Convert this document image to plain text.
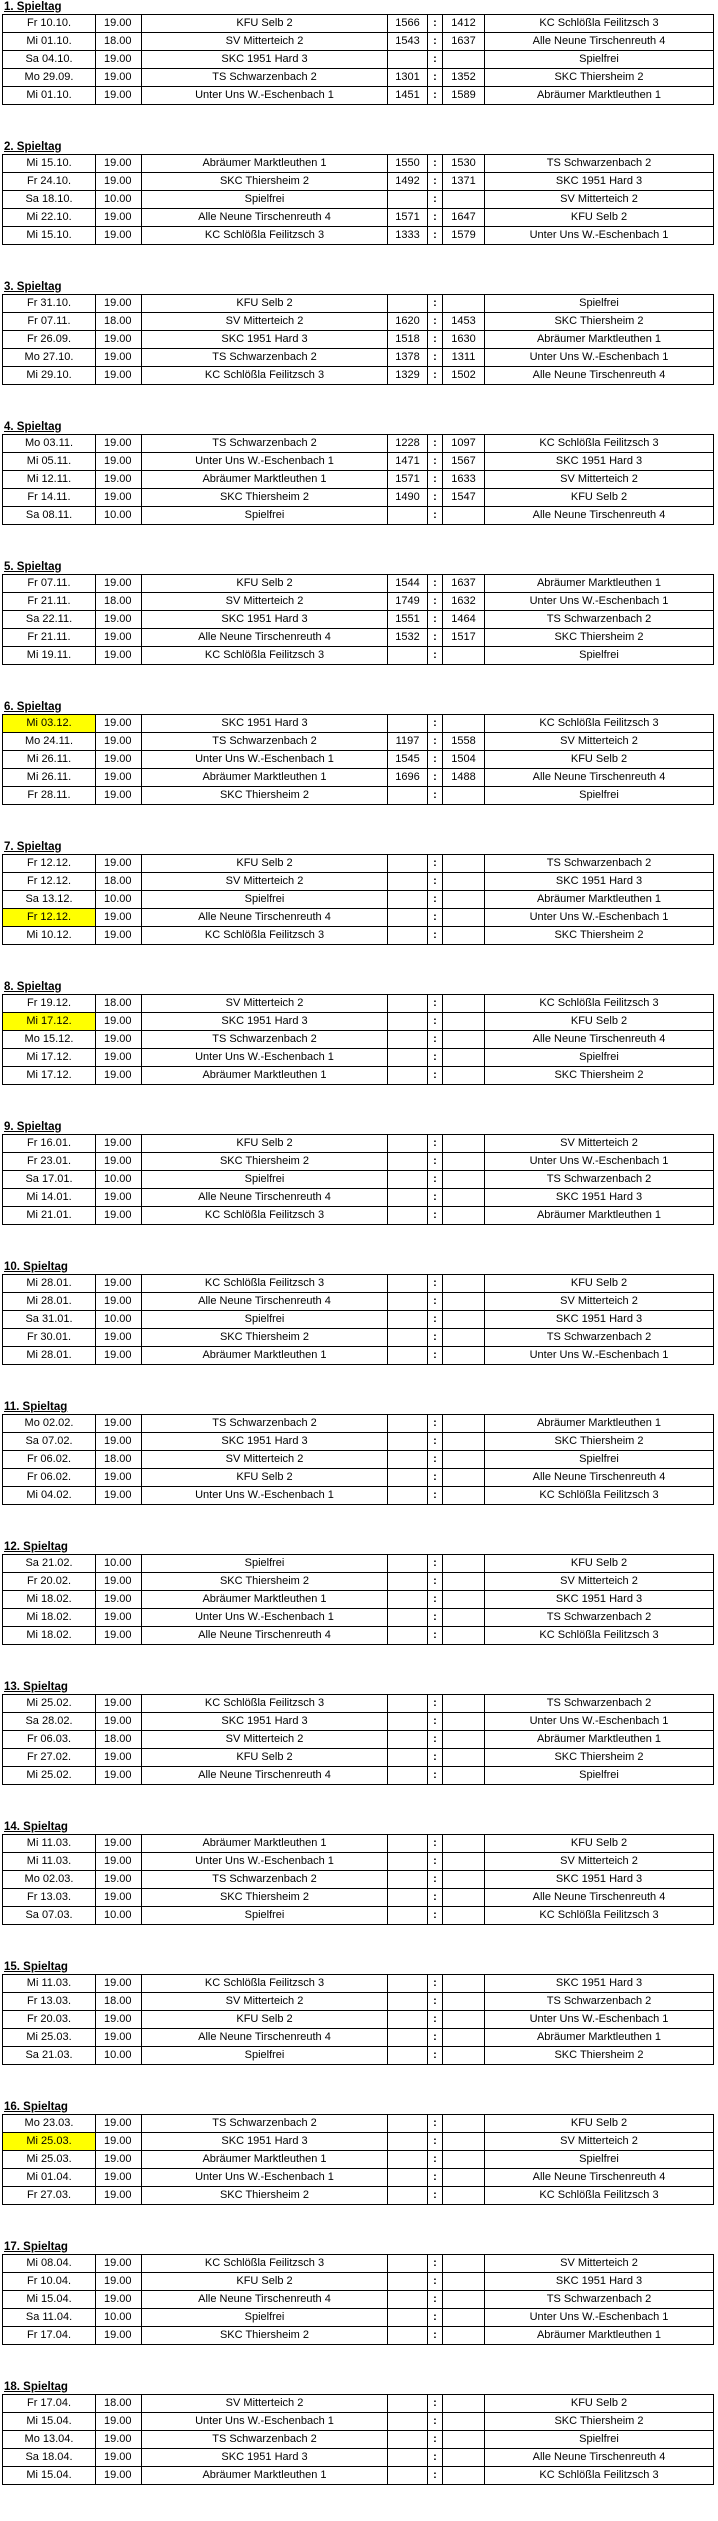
1. Spieltag
Fr 10.10.	19.00	KFU Selb 2	1566	:	1412	KC Schlößla Feilitzsch 3
Mi 01.10.	18.00	SV Mitterteich 2	1543	:	1637	Alle Neune Tirschenreuth 4
Sa 04.10.	19.00	SKC 1951 Hard 3		:		Spielfrei
Mo 29.09.	19.00	TS Schwarzenbach 2	1301	:	1352	SKC Thiersheim 2
Mi 01.10.	19.00	Unter Uns W.-Eschenbach 1	1451	:	1589	Abräumer Marktleuthen 1
2. Spieltag
Mi 15.10.	19.00	Abräumer Marktleuthen 1	1550	:	1530	TS Schwarzenbach 2
Fr 24.10.	19.00	SKC Thiersheim 2	1492	:	1371	SKC 1951 Hard 3
Sa 18.10.	10.00	Spielfrei		:		SV Mitterteich 2
Mi 22.10.	19.00	Alle Neune Tirschenreuth 4	1571	:	1647	KFU Selb 2
Mi 15.10.	19.00	KC Schlößla Feilitzsch 3	1333	:	1579	Unter Uns W.-Eschenbach 1
3. Spieltag
Fr 31.10.	19.00	KFU Selb 2		:		Spielfrei
Fr 07.11.	18.00	SV Mitterteich 2	1620	:	1453	SKC Thiersheim 2
Fr 26.09.	19.00	SKC 1951 Hard 3	1518	:	1630	Abräumer Marktleuthen 1
Mo 27.10.	19.00	TS Schwarzenbach 2	1378	:	1311	Unter Uns W.-Eschenbach 1
Mi 29.10.	19.00	KC Schlößla Feilitzsch 3	1329	:	1502	Alle Neune Tirschenreuth 4
4. Spieltag
Mo 03.11.	19.00	TS Schwarzenbach 2	1228	:	1097	KC Schlößla Feilitzsch 3
Mi 05.11.	19.00	Unter Uns W.-Eschenbach 1	1471	:	1567	SKC 1951 Hard 3
Mi 12.11.	19.00	Abräumer Marktleuthen 1	1571	:	1633	SV Mitterteich 2
Fr 14.11.	19.00	SKC Thiersheim 2	1490	:	1547	KFU Selb 2
Sa 08.11.	10.00	Spielfrei		:		Alle Neune Tirschenreuth 4
5. Spieltag
Fr 07.11.	19.00	KFU Selb 2	1544	:	1637	Abräumer Marktleuthen 1
Fr 21.11.	18.00	SV Mitterteich 2	1749	:	1632	Unter Uns W.-Eschenbach 1
Sa 22.11.	19.00	SKC 1951 Hard 3	1551	:	1464	TS Schwarzenbach 2
Fr 21.11.	19.00	Alle Neune Tirschenreuth 4	1532	:	1517	SKC Thiersheim 2
Mi 19.11.	19.00	KC Schlößla Feilitzsch 3		:		Spielfrei
6. Spieltag
Mi 03.12.	19.00	SKC 1951 Hard 3		:		KC Schlößla Feilitzsch 3
Mo 24.11.	19.00	TS Schwarzenbach 2	1197	:	1558	SV Mitterteich 2
Mi 26.11.	19.00	Unter Uns W.-Eschenbach 1	1545	:	1504	KFU Selb 2
Mi 26.11.	19.00	Abräumer Marktleuthen 1	1696	:	1488	Alle Neune Tirschenreuth 4
Fr 28.11.	19.00	SKC Thiersheim 2		:		Spielfrei
7. Spieltag
Fr 12.12.	19.00	KFU Selb 2		:		TS Schwarzenbach 2
Fr 12.12.	18.00	SV Mitterteich 2		:		SKC 1951 Hard 3
Sa 13.12.	10.00	Spielfrei		:		Abräumer Marktleuthen 1
Fr 12.12.	19.00	Alle Neune Tirschenreuth 4		:		Unter Uns W.-Eschenbach 1
Mi 10.12.	19.00	KC Schlößla Feilitzsch 3		:		SKC Thiersheim 2
8. Spieltag
Fr 19.12.	18.00	SV Mitterteich 2		:		KC Schlößla Feilitzsch 3
Mi 17.12.	19.00	SKC 1951 Hard 3		:		KFU Selb 2
Mo 15.12.	19.00	TS Schwarzenbach 2		:		Alle Neune Tirschenreuth 4
Mi 17.12.	19.00	Unter Uns W.-Eschenbach 1		:		Spielfrei
Mi 17.12.	19.00	Abräumer Marktleuthen 1		:		SKC Thiersheim 2
9. Spieltag
Fr 16.01.	19.00	KFU Selb 2		:		SV Mitterteich 2
Fr 23.01.	19.00	SKC Thiersheim 2		:		Unter Uns W.-Eschenbach 1
Sa 17.01.	10.00	Spielfrei		:		TS Schwarzenbach 2
Mi 14.01.	19.00	Alle Neune Tirschenreuth 4		:		SKC 1951 Hard 3
Mi 21.01.	19.00	KC Schlößla Feilitzsch 3		:		Abräumer Marktleuthen 1
10. Spieltag
Mi 28.01.	19.00	KC Schlößla Feilitzsch 3		:		KFU Selb 2
Mi 28.01.	19.00	Alle Neune Tirschenreuth 4		:		SV Mitterteich 2
Sa 31.01.	10.00	Spielfrei		:		SKC 1951 Hard 3
Fr 30.01.	19.00	SKC Thiersheim 2		:		TS Schwarzenbach 2
Mi 28.01.	19.00	Abräumer Marktleuthen 1		:		Unter Uns W.-Eschenbach 1
11. Spieltag
Mo 02.02.	19.00	TS Schwarzenbach 2		:		Abräumer Marktleuthen 1
Sa 07.02.	19.00	SKC 1951 Hard 3		:		SKC Thiersheim 2
Fr 06.02.	18.00	SV Mitterteich 2		:		Spielfrei
Fr 06.02.	19.00	KFU Selb 2		:		Alle Neune Tirschenreuth 4
Mi 04.02.	19.00	Unter Uns W.-Eschenbach 1		:		KC Schlößla Feilitzsch 3
12. Spieltag
Sa 21.02.	10.00	Spielfrei		:		KFU Selb 2
Fr 20.02.	19.00	SKC Thiersheim 2		:		SV Mitterteich 2
Mi 18.02.	19.00	Abräumer Marktleuthen 1		:		SKC 1951 Hard 3
Mi 18.02.	19.00	Unter Uns W.-Eschenbach 1		:		TS Schwarzenbach 2
Mi 18.02.	19.00	Alle Neune Tirschenreuth 4		:		KC Schlößla Feilitzsch 3
13. Spieltag
Mi 25.02.	19.00	KC Schlößla Feilitzsch 3		:		TS Schwarzenbach 2
Sa 28.02.	19.00	SKC 1951 Hard 3		:		Unter Uns W.-Eschenbach 1
Fr 06.03.	18.00	SV Mitterteich 2		:		Abräumer Marktleuthen 1
Fr 27.02.	19.00	KFU Selb 2		:		SKC Thiersheim 2
Mi 25.02.	19.00	Alle Neune Tirschenreuth 4		:		Spielfrei
14. Spieltag
Mi 11.03.	19.00	Abräumer Marktleuthen 1		:		KFU Selb 2
Mi 11.03.	19.00	Unter Uns W.-Eschenbach 1		:		SV Mitterteich 2
Mo 02.03.	19.00	TS Schwarzenbach 2		:		SKC 1951 Hard 3
Fr 13.03.	19.00	SKC Thiersheim 2		:		Alle Neune Tirschenreuth 4
Sa 07.03.	10.00	Spielfrei		:		KC Schlößla Feilitzsch 3
15. Spieltag
Mi 11.03.	19.00	KC Schlößla Feilitzsch 3		:		SKC 1951 Hard 3
Fr 13.03.	18.00	SV Mitterteich 2		:		TS Schwarzenbach 2
Fr 20.03.	19.00	KFU Selb 2		:		Unter Uns W.-Eschenbach 1
Mi 25.03.	19.00	Alle Neune Tirschenreuth 4		:		Abräumer Marktleuthen 1
Sa 21.03.	10.00	Spielfrei		:		SKC Thiersheim 2
16. Spieltag
Mo 23.03.	19.00	TS Schwarzenbach 2		:		KFU Selb 2
Mi 25.03.	19.00	SKC 1951 Hard 3		:		SV Mitterteich 2
Mi 25.03.	19.00	Abräumer Marktleuthen 1		:		Spielfrei
Mi 01.04.	19.00	Unter Uns W.-Eschenbach 1		:		Alle Neune Tirschenreuth 4
Fr 27.03.	19.00	SKC Thiersheim 2		:		KC Schlößla Feilitzsch 3
17. Spieltag
Mi 08.04.	19.00	KC Schlößla Feilitzsch 3		:		SV Mitterteich 2
Fr 10.04.	19.00	KFU Selb 2		:		SKC 1951 Hard 3
Mi 15.04.	19.00	Alle Neune Tirschenreuth 4		:		TS Schwarzenbach 2
Sa 11.04.	10.00	Spielfrei		:		Unter Uns W.-Eschenbach 1
Fr 17.04.	19.00	SKC Thiersheim 2		:		Abräumer Marktleuthen 1
18. Spieltag
Fr 17.04.	18.00	SV Mitterteich 2		:		KFU Selb 2
Mi 15.04.	19.00	Unter Uns W.-Eschenbach 1		:		SKC Thiersheim 2
Mo 13.04.	19.00	TS Schwarzenbach 2		:		Spielfrei
Sa 18.04.	19.00	SKC 1951 Hard 3		:		Alle Neune Tirschenreuth 4
Mi 15.04.	19.00	Abräumer Marktleuthen 1		:		KC Schlößla Feilitzsch 3
